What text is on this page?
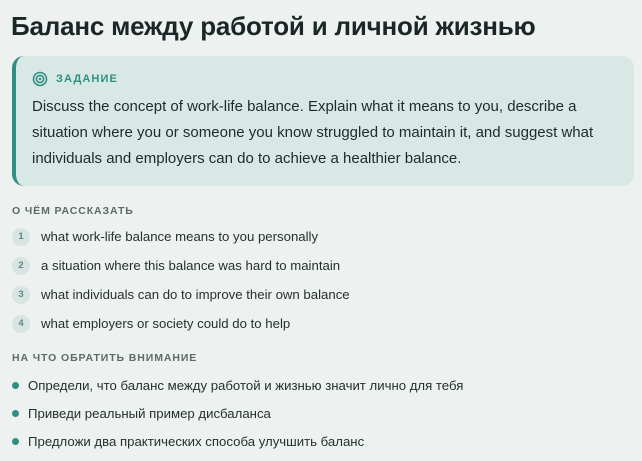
Баланс между работой и личной жизнью
ЗАДАНИЕ

Discuss the concept of work-life balance. Explain what it means to you, describe a situation where you or someone you know struggled to maintain it, and suggest what individuals and employers can do to achieve a healthier balance.

О ЧЁМ РАССКАЗАТЬ
1	what work-life balance means to you personally
2	a situation where this balance was hard to maintain
3	what individuals can do to improve their own balance
4	what employers or society could do to help
НА ЧТО ОБРАТИТЬ ВНИМАНИЕ
Определи, что баланс между работой и жизнью значит лично для тебя
Приведи реальный пример дисбаланса
Предложи два практических способа улучшить баланс
